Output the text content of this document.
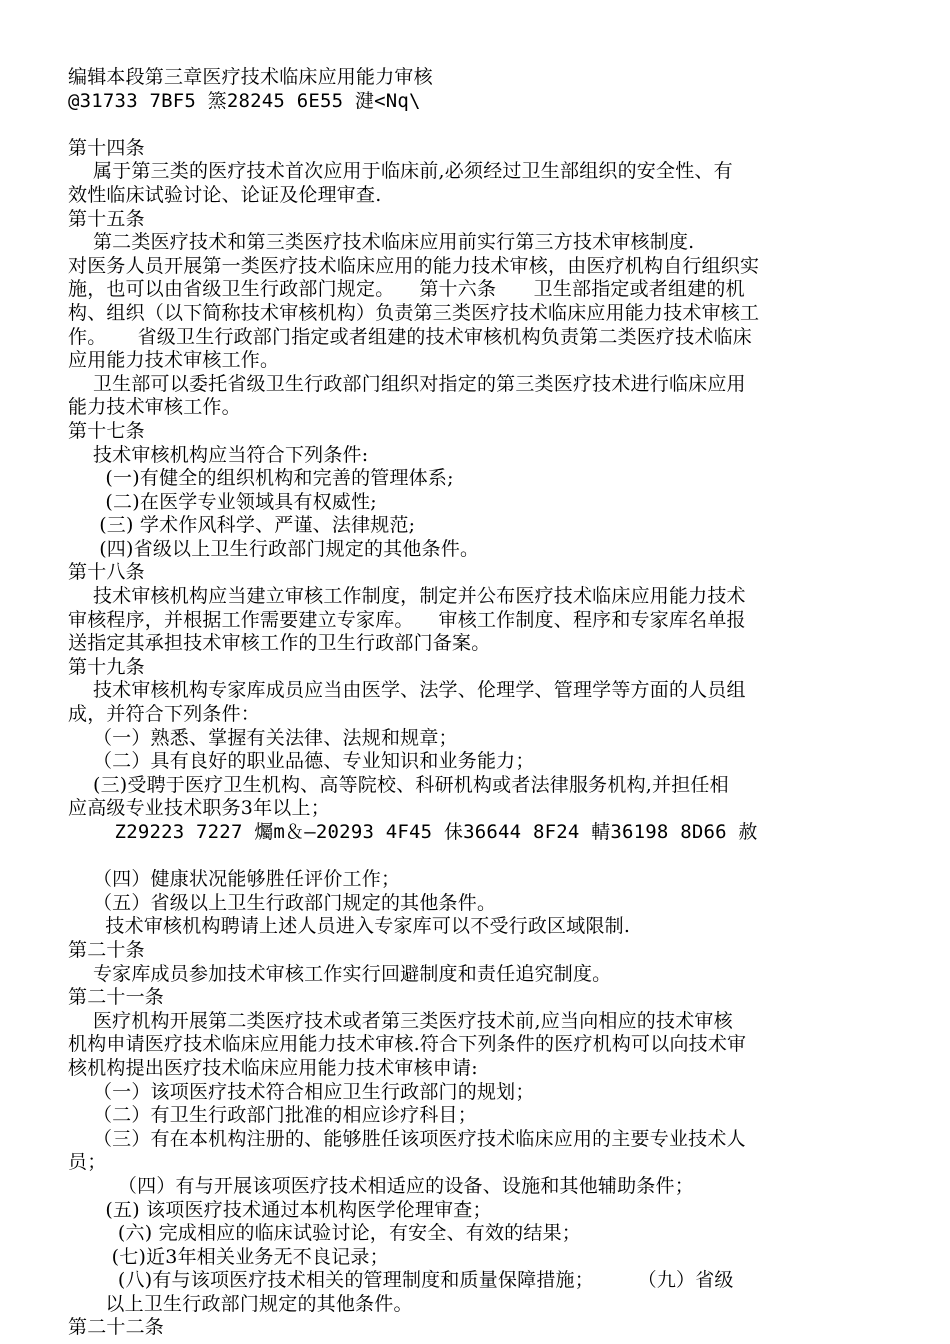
编辑本段第三章医疗技术临床应用能力审核
@31733 7BF5 篜28245 6E55 湕<Nq\
第十四条
属于第三类的医疗技术首次应用于临床前,必须经过卫生部组织的安全性、有
效性临床试验讨论、论证及伦理审查.
第十五条
第二类医疗技术和第三类医疗技术临床应用前实行第三方技术审核制度.
对医务人员开展第一类医疗技术临床应用的能力技术审核，由医疗机构自行组织实
施，也可以由省级卫生行政部门规定。    第十六条      卫生部指定或者组建的机
构、组织（以下简称技术审核机构）负责第三类医疗技术临床应用能力技术审核工
作。     省级卫生行政部门指定或者组建的技术审核机构负责第二类医疗技术临床
应用能力技术审核工作。
卫生部可以委托省级卫生行政部门组织对指定的第三类医疗技术进行临床应用
能力技术审核工作。
第十七条
技术审核机构应当符合下列条件:
(一)有健全的组织机构和完善的管理体系;
(二)在医学专业领域具有权威性;
(三) 学术作风科学、严谨、法律规范;
(四)省级以上卫生行政部门规定的其他条件。
第十八条
技术审核机构应当建立审核工作制度，制定并公布医疗技术临床应用能力技术
审核程序，并根据工作需要建立专家库。    审核工作制度、程序和专家库名单报
送指定其承担技术审核工作的卫生行政部门备案。
第十九条
技术审核机构专家库成员应当由医学、法学、伦理学、管理学等方面的人员组
成，并符合下列条件：
（一）熟悉、掌握有关法律、法规和规章；
（二）具有良好的职业品德、专业知识和业务能力；
(三)受聘于医疗卫生机构、高等院校、科研机构或者法律服务机构,并担任相
应高级专业技术职务3年以上；
Z29223 7227 爥m＆—20293 4F45 佅36644 8F24 輤36198 8D66 赦
（四）健康状况能够胜任评价工作；
（五）省级以上卫生行政部门规定的其他条件。
技术审核机构聘请上述人员进入专家库可以不受行政区域限制.
第二十条
专家库成员参加技术审核工作实行回避制度和责任追究制度。
第二十一条
医疗机构开展第二类医疗技术或者第三类医疗技术前,应当向相应的技术审核
机构申请医疗技术临床应用能力技术审核.符合下列条件的医疗机构可以向技术审
核机构提出医疗技术临床应用能力技术审核申请:
（一）该项医疗技术符合相应卫生行政部门的规划；
（二）有卫生行政部门批准的相应诊疗科目；
（三）有在本机构注册的、能够胜任该项医疗技术临床应用的主要专业技术人
员；
（四）有与开展该项医疗技术相适应的设备、设施和其他辅助条件；
(五) 该项医疗技术通过本机构医学伦理审查；
(六) 完成相应的临床试验讨论，有安全、有效的结果；
(七)近3年相关业务无不良记录；
(八)有与该项医疗技术相关的管理制度和质量保障措施；       （九）省级
以上卫生行政部门规定的其他条件。
第二十二条
